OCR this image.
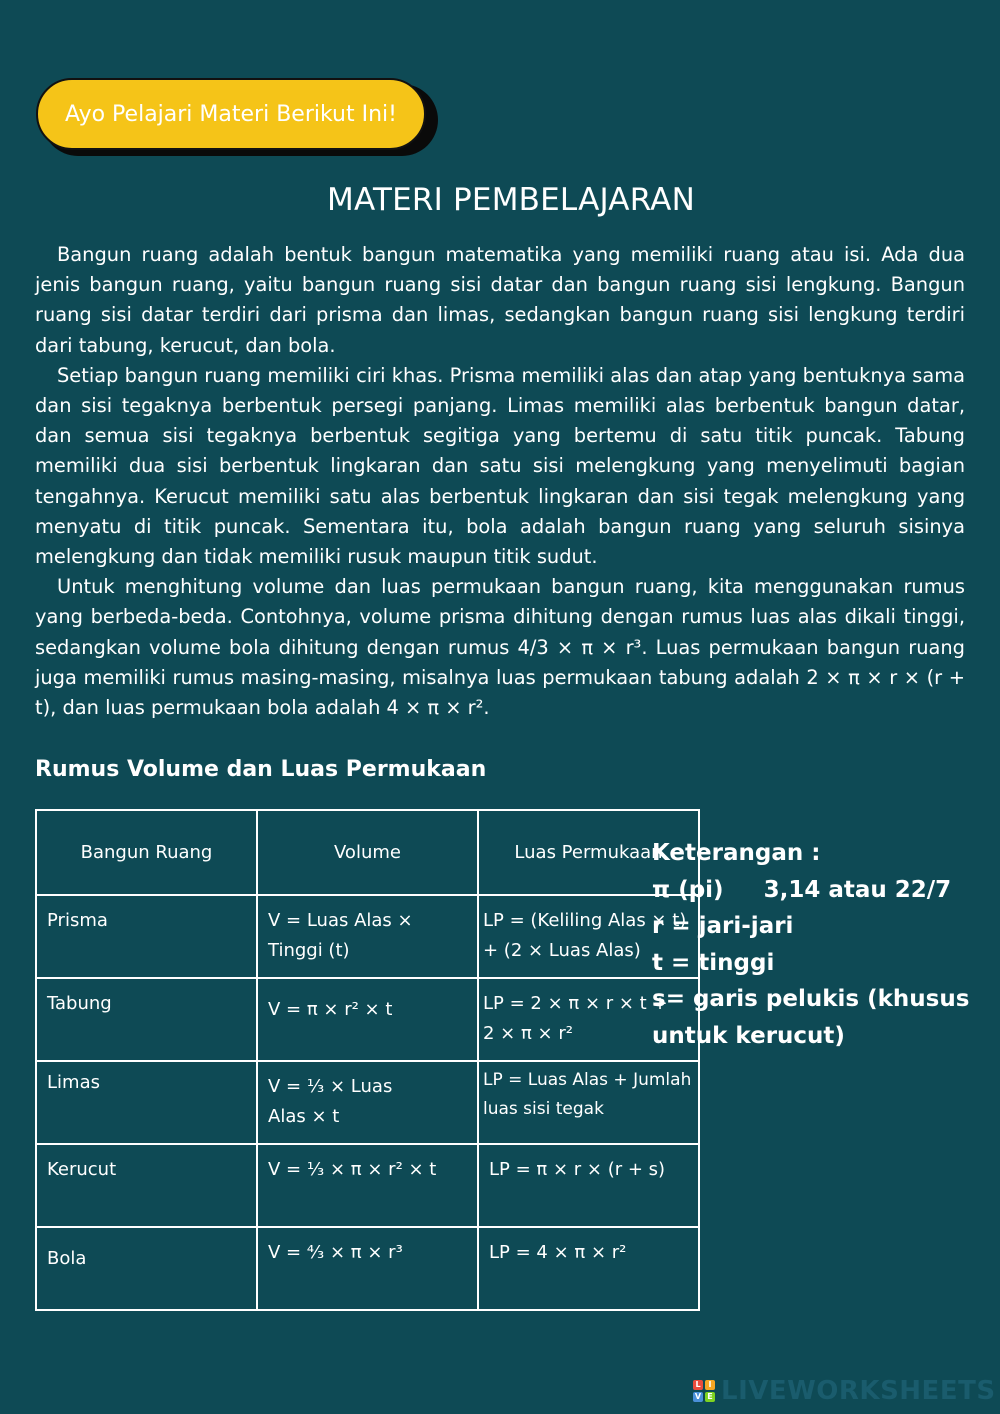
Ayo Pelajari Materi Berikut Ini!
MATERI PEMBELAJARAN

Bangun ruang adalah bentuk bangun matematika yang memiliki ruang atau isi. Ada dua jenis bangun ruang, yaitu bangun ruang sisi datar dan bangun ruang sisi lengkung. Bangun ruang sisi datar terdiri dari prisma dan limas, sedangkan bangun ruang sisi lengkung terdiri dari tabung, kerucut, dan bola.

Setiap bangun ruang memiliki ciri khas. Prisma memiliki alas dan atap yang bentuknya sama dan sisi tegaknya berbentuk persegi panjang. Limas memiliki alas berbentuk bangun datar, dan semua sisi tegaknya berbentuk segitiga yang bertemu di satu titik puncak. Tabung memiliki dua sisi berbentuk lingkaran dan satu sisi melengkung yang menyelimuti bagian tengahnya. Kerucut memiliki satu alas berbentuk lingkaran dan sisi tegak melengkung yang menyatu di titik puncak. Sementara itu, bola adalah bangun ruang yang seluruh sisinya melengkung dan tidak memiliki rusuk maupun titik sudut.

Untuk menghitung volume dan luas permukaan bangun ruang, kita menggunakan rumus yang berbeda-beda. Contohnya, volume prisma dihitung dengan rumus luas alas dikali tinggi, sedangkan volume bola dihitung dengan rumus 4/3 × π × r³. Luas permukaan bangun ruang juga memiliki rumus masing-masing, misalnya luas permukaan tabung adalah 2 × π × r × (r + t), dan luas permukaan bola adalah 4 × π × r².

Rumus Volume dan Luas Permukaan
Bangun Ruang	Volume	Luas Permukaan
Prisma	V = Luas Alas × Tinggi (t)	LP = (Keliling Alas × t) + (2 × Luas Alas)
Tabung	V = π × r² × t	LP = 2 × π × r × t + 2 × π × r²
Limas	V = ¹⁄₃ × Luas Alas × t	LP = Luas Alas + Jumlah luas sisi tegak
Kerucut	V = ¹⁄₃ × π × r² × t	LP = π × r × (r + s)
Bola	V = ⁴⁄₃ × π × r³	LP = 4 × π × r²
Keterangan :
π (pi) 3,14 atau 22/7
r = jari-jari
t = tinggi
s= garis pelukis (khusus
untuk kerucut)
L I
V E LIVEWORKSHEETS
